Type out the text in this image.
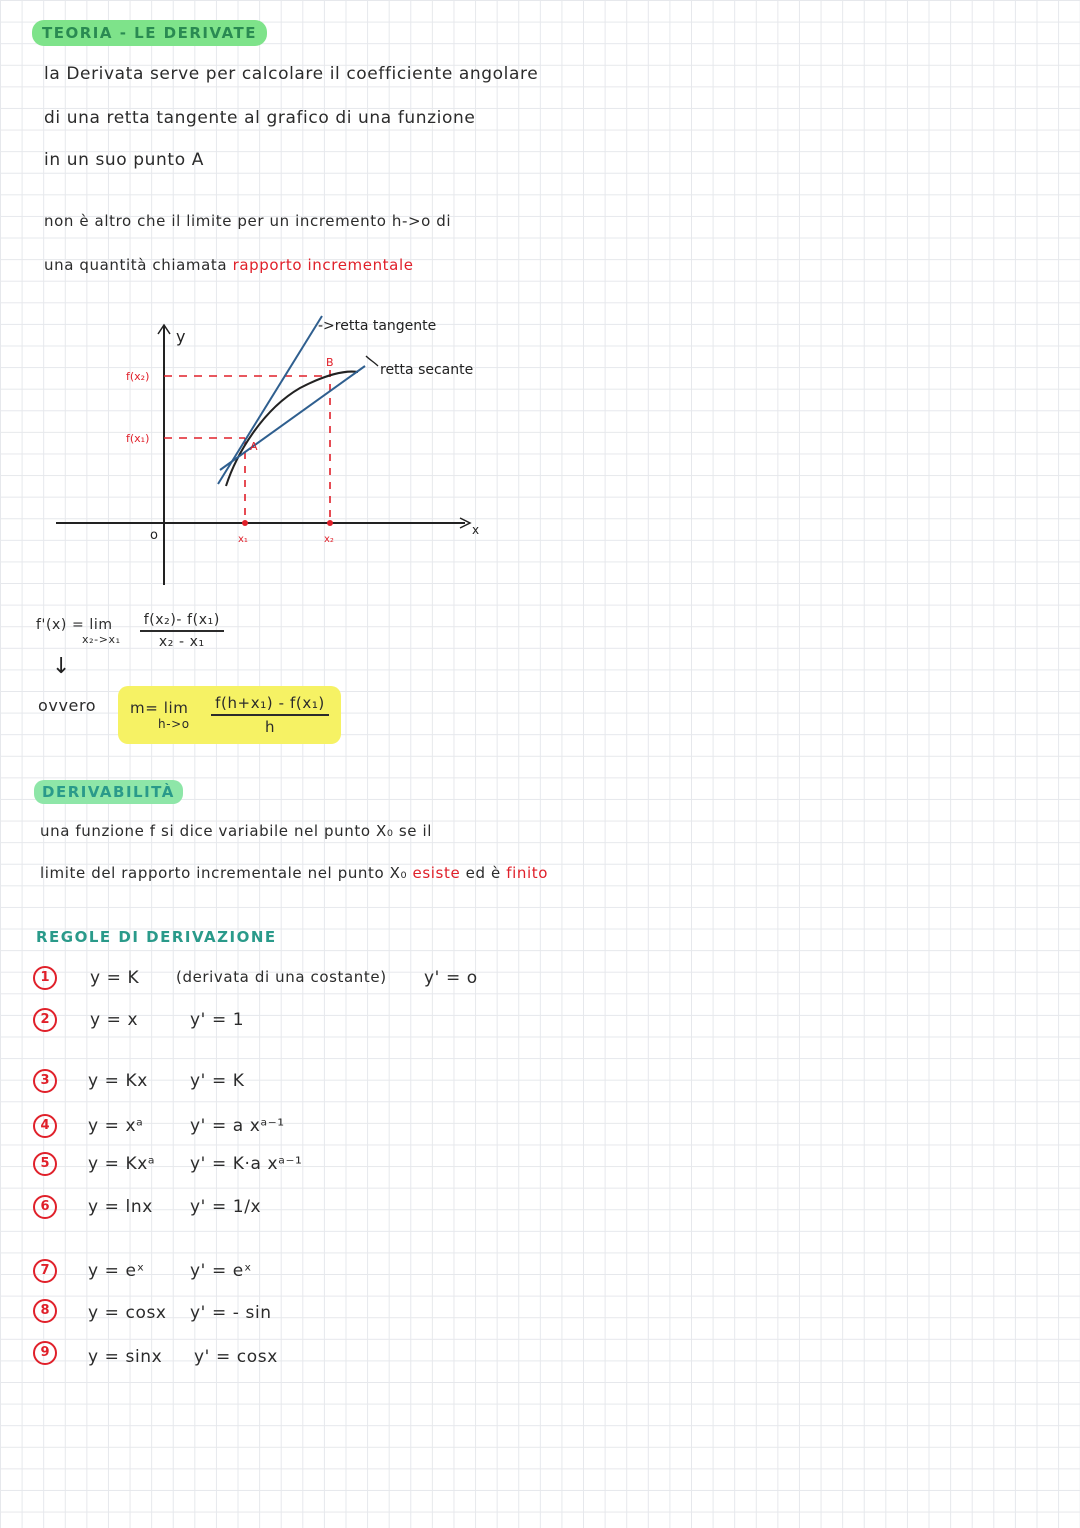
TEORIA - LE DERIVATE
la Derivata serve per calcolare il coefficiente angolare
di una retta tangente al grafico di una funzione
in un suo punto A
non è altro che il limite per un incremento h->o di
una quantità chiamata rapporto incrementale
y
x
o
f(x₂)
f(x₁)
A
B
x₁	x₂
->retta tangente
retta secante
f'(x) = lim
x₂->x₁
$\frac{\text{f(x₂)- f(x₁)}}{\text{x₂ - x₁}}$
↓
ovvero m= lim
h->o
$\frac{\text{f(h+x₁) - f(x₁)}}{h}$
DERIVABILITÀ
una funzione f si dice variabile nel punto X₀ se il
limite del rapporto incrementale nel punto X₀ esiste ed è finito
REGOLE DI DERIVAZIONE
1	y = K (derivata di una costante) y' = o
2	y = x	y' = 1
3	y = Kx y' = K
4	y = xᵃ	y' = a xᵃ⁻¹
5	y = Kxᵃ y' = K·a xᵃ⁻¹
6	y = lnx y' = 1/x
7	y = eˣ	y' = eˣ
8	y = cosx y' = - sin
9	y = sinx y' = cosx
